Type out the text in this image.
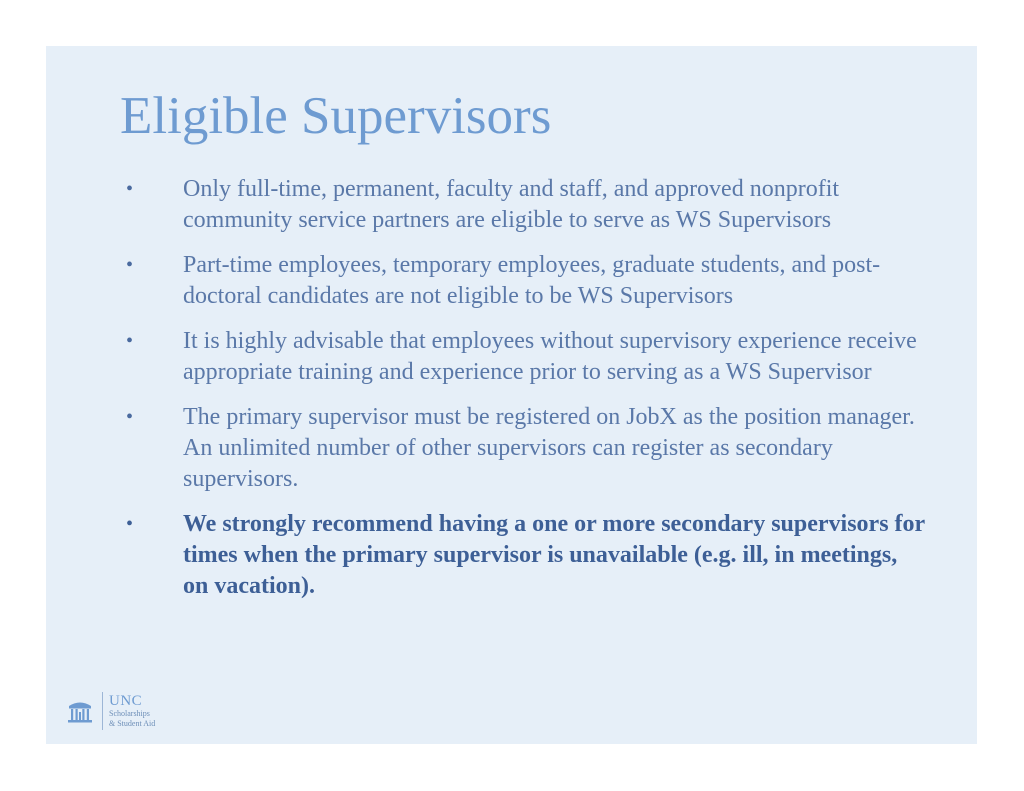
Eligible Supervisors
•	Only full-time, permanent, faculty and staff, and approved nonprofit community service partners are eligible to serve as WS Supervisors
•	Part-time employees, temporary employees, graduate students, and post-doctoral candidates are not eligible to be WS Supervisors
•	It is highly advisable that employees without supervisory experience receive appropriate training and experience prior to serving as a WS Supervisor
•	The primary supervisor must be registered on JobX as the position manager. An unlimited number of other supervisors can register as secondary supervisors.
•	We strongly recommend having a one or more secondary supervisors for times when the primary supervisor is unavailable (e.g. ill, in meetings, on vacation).
UNC
Scholarships
& Student Aid
